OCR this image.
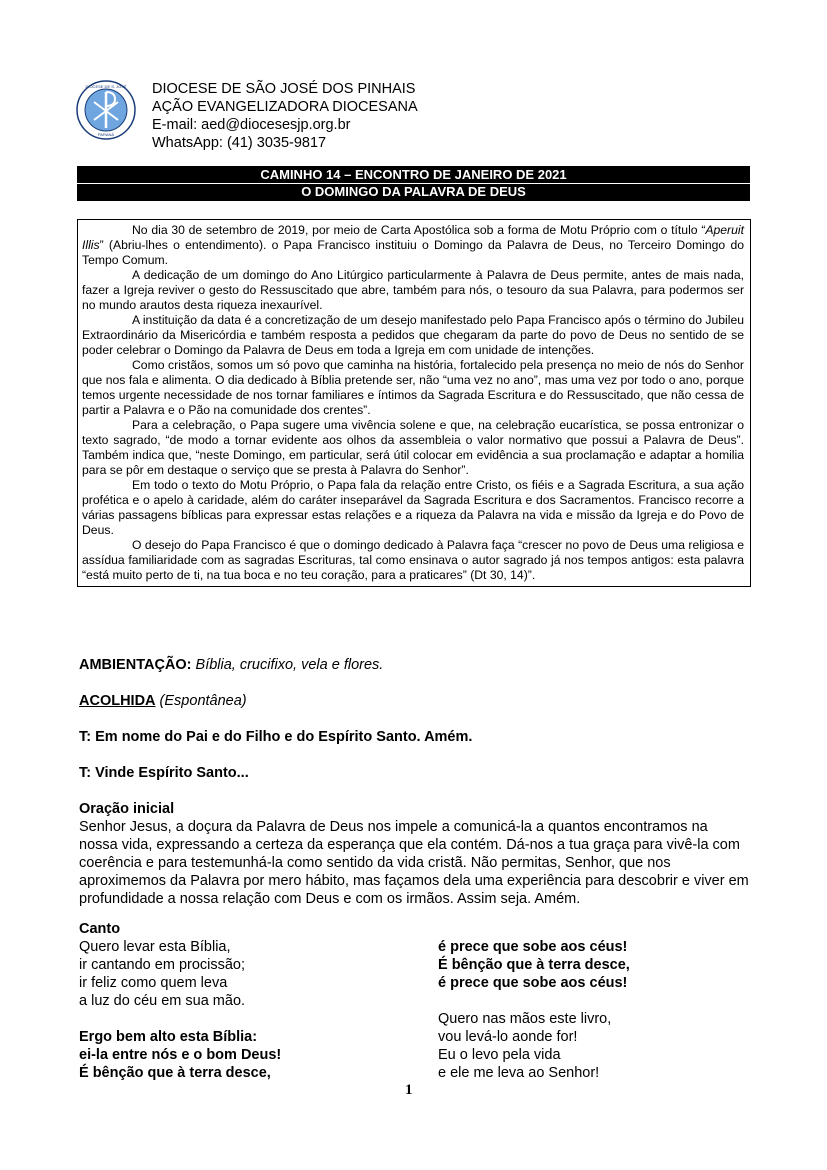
DIOCESE DE S. JOSÉ
PARANÁ
DIOCESE DE SÃO JOSÉ DOS PINHAIS
AÇÃO EVANGELIZADORA DIOCESANA
E-mail: aed@diocesesjp.org.br
WhatsApp: (41) 3035-9817
CAMINHO 14 – ENCONTRO DE JANEIRO DE 2021
O DOMINGO DA PALAVRA DE DEUS

No dia 30 de setembro de 2019, por meio de Carta Apostólica sob a forma de Motu Próprio com o título “Aperuit Illis” (Abriu-lhes o entendimento). o Papa Francisco instituiu o Domingo da Palavra de Deus, no Terceiro Domingo do Tempo Comum.

A dedicação de um domingo do Ano Litúrgico particularmente à Palavra de Deus permite, antes de mais nada, fazer a Igreja reviver o gesto do Ressuscitado que abre, também para nós, o tesouro da sua Palavra, para podermos ser no mundo arautos desta riqueza inexaurível.

A instituição da data é a concretização de um desejo manifestado pelo Papa Francisco após o término do Jubileu Extraordinário da Misericórdia e também resposta a pedidos que chegaram da parte do povo de Deus no sentido de se poder celebrar o Domingo da Palavra de Deus em toda a Igreja em com unidade de intenções.

Como cristãos, somos um só povo que caminha na história, fortalecido pela presença no meio de nós do Senhor que nos fala e alimenta. O dia dedicado à Bíblia pretende ser, não “uma vez no ano”, mas uma vez por todo o ano, porque temos urgente necessidade de nos tornar familiares e íntimos da Sagrada Escritura e do Ressuscitado, que não cessa de partir a Palavra e o Pão na comunidade dos crentes”.

Para a celebração, o Papa sugere uma vivência solene e que, na celebração eucarística, se possa entronizar o texto sagrado, “de modo a tornar evidente aos olhos da assembleia o valor normativo que possui a Palavra de Deus”. Também indica que, “neste Domingo, em particular, será útil colocar em evidência a sua proclamação e adaptar a homilia para se pôr em destaque o serviço que se presta à Palavra do Senhor”.

Em todo o texto do Motu Próprio, o Papa fala da relação entre Cristo, os fiéis e a Sagrada Escritura, a sua ação profética e o apelo à caridade, além do caráter inseparável da Sagrada Escritura e dos Sacramentos. Francisco recorre a várias passagens bíblicas para expressar estas relações e a riqueza da Palavra na vida e missão da Igreja e do Povo de Deus.

O desejo do Papa Francisco é que o domingo dedicado à Palavra faça “crescer no povo de Deus uma religiosa e assídua familiaridade com as sagradas Escrituras, tal como ensinava o autor sagrado já nos tempos antigos: esta palavra “está muito perto de ti, na tua boca e no teu coração, para a praticares” (Dt 30, 14)”.

AMBIENTAÇÃO: Bíblia, crucifixo, vela e flores.
ACOLHIDA (Espontânea)
T: Em nome do Pai e do Filho e do Espírito Santo. Amém.
T: Vinde Espírito Santo...
Oração inicial
Senhor Jesus, a doçura da Palavra de Deus nos impele a comunicá-la a quantos encontramos na nossa vida, expressando a certeza da esperança que ela contém. Dá-nos a tua graça para vivê-la com coerência e para testemunhá-la como sentido da vida cristã. Não permitas, Senhor, que nos aproximemos da Palavra por mero hábito, mas façamos dela uma experiência para descobrir e viver em profundidade a nossa relação com Deus e com os irmãos. Assim seja. Amém.
Canto
Quero levar esta Bíblia,
ir cantando em procissão;
ir feliz como quem leva
a luz do céu em sua mão.
Ergo bem alto esta Bíblia:
ei-la entre nós e o bom Deus!
É bênção que à terra desce,
é prece que sobe aos céus!
É bênção que à terra desce,
é prece que sobe aos céus!
Quero nas mãos este livro,
vou levá-lo aonde for!
Eu o levo pela vida
e ele me leva ao Senhor!
1
